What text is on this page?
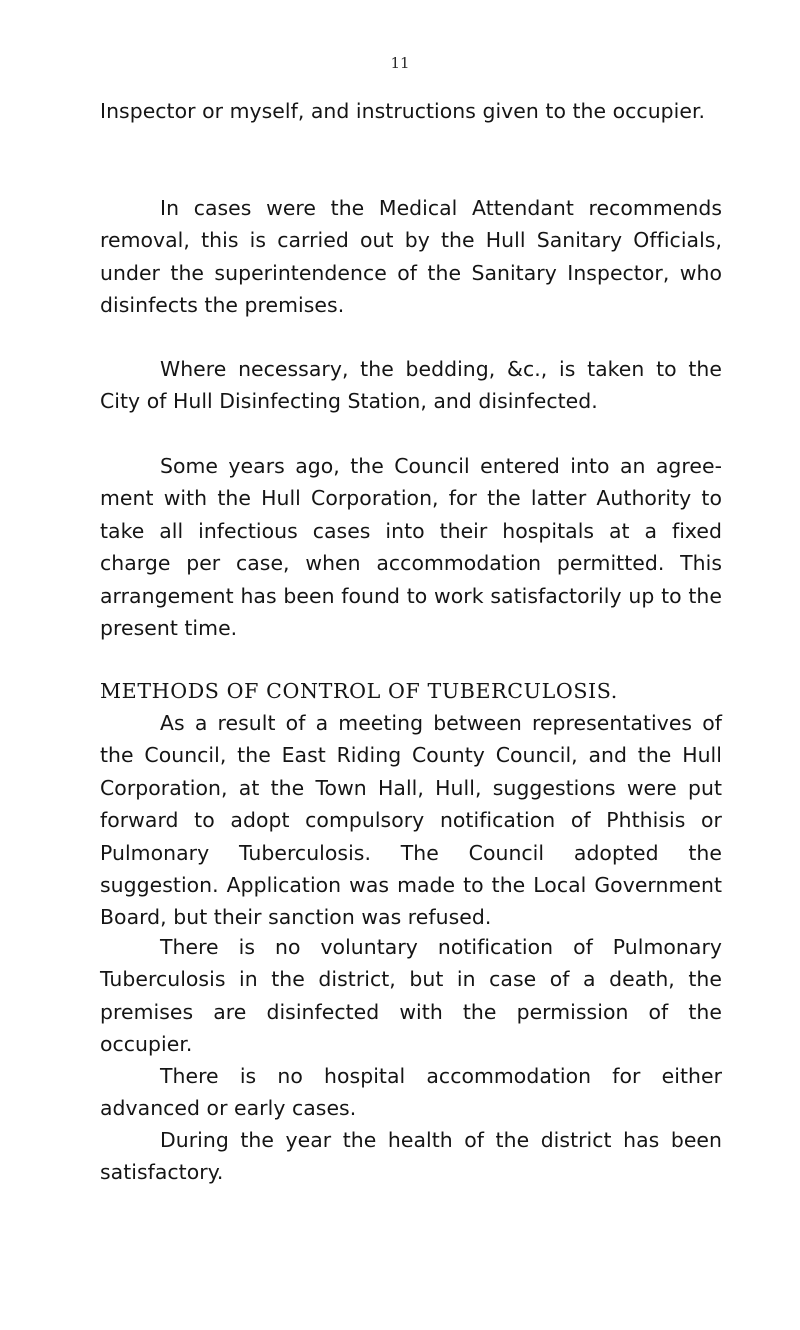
11

Inspector or myself, and instructions given to the occupier.

In cases were the Medical Attendant recommends removal, this is carried out by the Hull Sanitary Officials, under the superintendence of the Sanitary Inspector, who disinfects the premises.

Where necessary, the bedding, &c., is taken to the City of Hull Disinfecting Station, and disinfected.

Some years ago, the Council entered into an agree- ment with the Hull Corporation, for the latter Authority to take all infectious cases into their hospitals at a fixed charge per case, when accommodation permitted. This arrangement has been found to work satisfactorily up to the present time.

METHODS OF CONTROL OF TUBERCULOSIS.

As a result of a meeting between representatives of the Council, the East Riding County Council, and the Hull Corporation, at the Town Hall, Hull, suggestions were put forward to adopt compulsory notification of Phthisis or Pulmonary Tuberculosis. The Council adopted the suggestion. Application was made to the Local Government Board, but their sanction was refused.

There is no voluntary notification of Pulmonary Tuberculosis in the district, but in case of a death, the premises are disinfected with the permission of the occupier.

There is no hospital accommodation for either advanced or early cases.

During the year the health of the district has been satisfactory.
